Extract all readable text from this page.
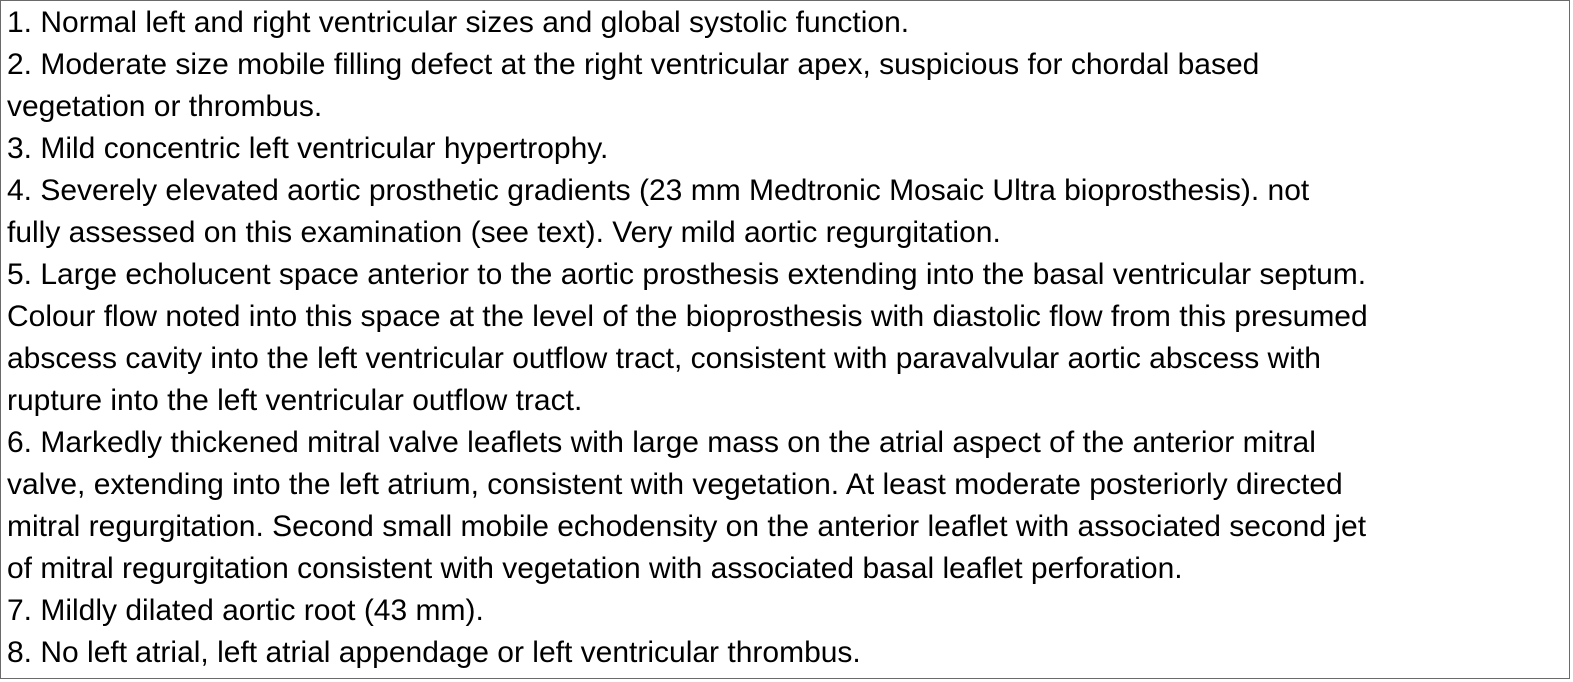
1. Normal left and right ventricular sizes and global systolic function.
2. Moderate size mobile filling defect at the right ventricular apex, suspicious for chordal based
vegetation or thrombus.
3. Mild concentric left ventricular hypertrophy.
4. Severely elevated aortic prosthetic gradients (23 mm Medtronic Mosaic Ultra bioprosthesis). not
fully assessed on this examination (see text). Very mild aortic regurgitation.
5. Large echolucent space anterior to the aortic prosthesis extending into the basal ventricular septum.
Colour flow noted into this space at the level of the bioprosthesis with diastolic flow from this presumed
abscess cavity into the left ventricular outflow tract, consistent with paravalvular aortic abscess with
rupture into the left ventricular outflow tract.
6. Markedly thickened mitral valve leaflets with large mass on the atrial aspect of the anterior mitral
valve, extending into the left atrium, consistent with vegetation. At least moderate posteriorly directed
mitral regurgitation. Second small mobile echodensity on the anterior leaflet with associated second jet
of mitral regurgitation consistent with vegetation with associated basal leaflet perforation.
7. Mildly dilated aortic root (43 mm).
8. No left atrial, left atrial appendage or left ventricular thrombus.
